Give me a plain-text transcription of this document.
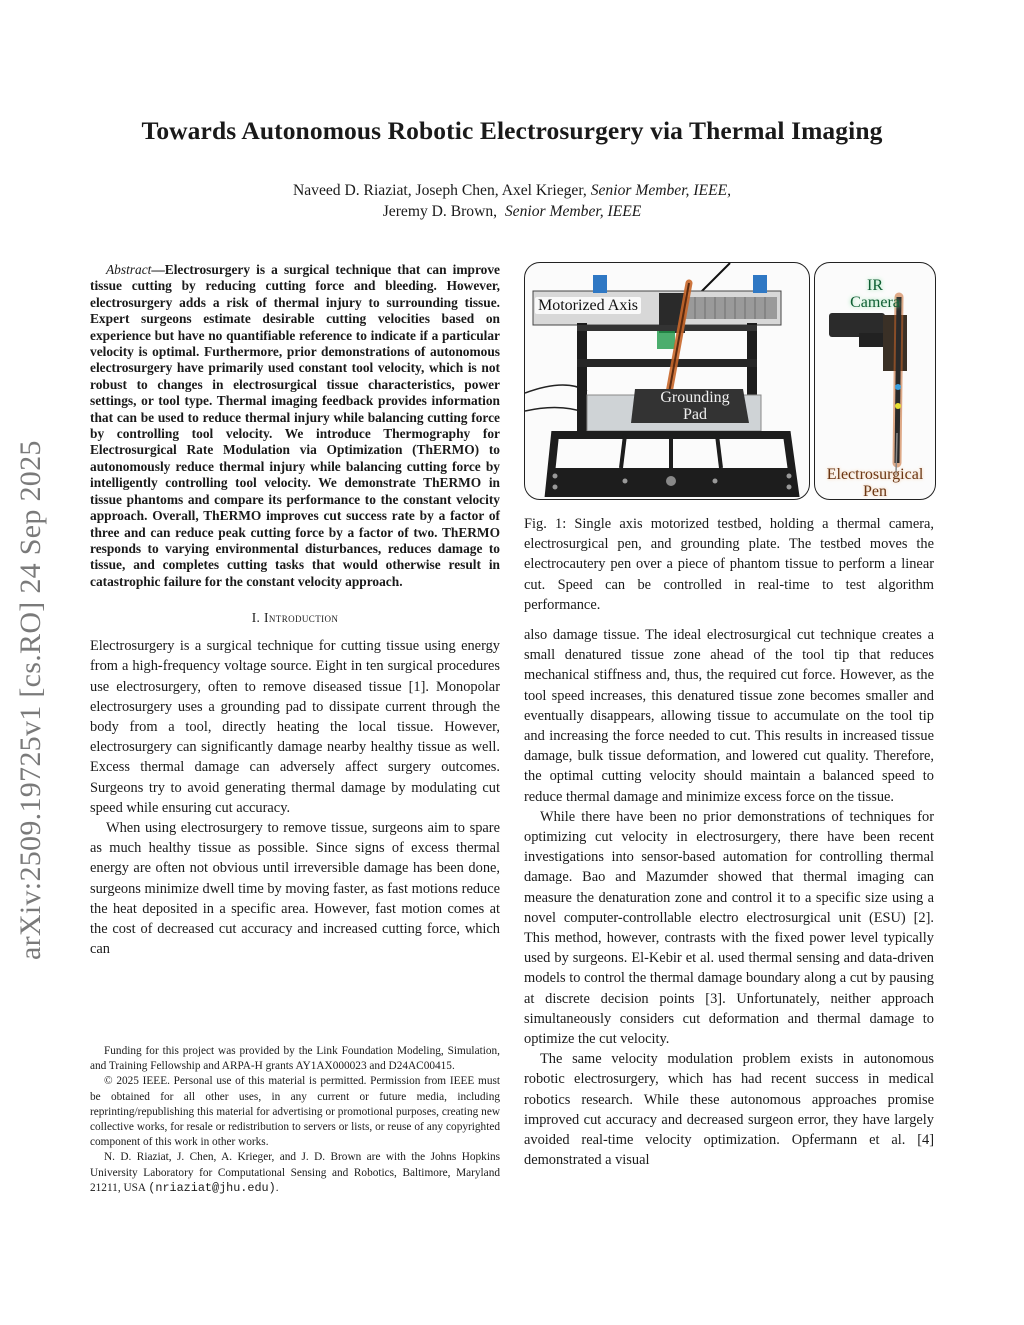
Towards Autonomous Robotic Electrosurgery via Thermal Imaging
Naveed D. Riaziat, Joseph Chen, Axel Krieger, Senior Member, IEEE,
Jeremy D. Brown,  Senior Member, IEEE
arXiv:2509.19725v1 [cs.RO] 24 Sep 2025

Abstract—Electrosurgery is a surgical technique that can improve tissue cutting by reducing cutting force and bleeding. However, electrosurgery adds a risk of thermal injury to surrounding tissue. Expert surgeons estimate desirable cutting velocities based on experience but have no quantifiable reference to indicate if a particular velocity is optimal. Furthermore, prior demonstrations of autonomous electrosurgery have primarily used constant tool velocity, which is not robust to changes in electrosurgical tissue characteristics, power settings, or tool type. Thermal imaging feedback provides information that can be used to reduce thermal injury while balancing cutting force by controlling tool velocity. We introduce Thermography for Electrosurgical Rate Modulation via Optimization (ThERMO) to autonomously reduce thermal injury while balancing cutting force by intelligently controlling tool velocity. We demonstrate ThERMO in tissue phantoms and compare its performance to the constant velocity approach. Overall, ThERMO improves cut success rate by a factor of three and can reduce peak cutting force by a factor of two. ThERMO responds to varying environmental disturbances, reduces damage to tissue, and completes cutting tasks that would otherwise result in catastrophic failure for the constant velocity approach.

I. Introduction

Electrosurgery is a surgical technique for cutting tissue using energy from a high-frequency voltage source. Eight in ten surgical procedures use electrosurgery, often to remove diseased tissue [1]. Monopolar electrosurgery uses a grounding pad to dissipate current through the body from a tool, directly heating the local tissue. However, electrosurgery can significantly damage nearby healthy tissue as well. Excess thermal damage can adversely affect surgery outcomes. Surgeons try to avoid generating thermal damage by modulating cut speed while ensuring cut accuracy.

When using electrosurgery to remove tissue, surgeons aim to spare as much healthy tissue as possible. Since signs of excess thermal energy are often not obvious until irreversible damage has been done, surgeons minimize dwell time by moving faster, as fast motions reduce the heat deposited in a specific area. However, fast motion comes at the cost of decreased cut accuracy and increased cutting force, which can

Funding for this project was provided by the Link Foundation Modeling, Simulation, and Training Fellowship and ARPA-H grants AY1AX000023 and D24AC00415.

© 2025 IEEE. Personal use of this material is permitted. Permission from IEEE must be obtained for all other uses, in any current or future media, including reprinting/republishing this material for advertising or promotional purposes, creating new collective works, for resale or redistribution to servers or lists, or reuse of any copyrighted component of this work in other works.

N. D. Riaziat, J. Chen, A. Krieger, and J. D. Brown are with the Johns Hopkins University Laboratory for Computational Sensing and Robotics, Baltimore, Maryland 21211, USA (nriaziat@jhu.edu).

Motorized Axis
Grounding
Pad
IR
Camera
Electrosurgical
Pen

Fig. 1: Single axis motorized testbed, holding a thermal camera, electrosurgical pen, and grounding plate. The testbed moves the electrocautery pen over a piece of phantom tissue to perform a linear cut. Speed can be controlled in real-time to test algorithm performance.

also damage tissue. The ideal electrosurgical cut technique creates a small denatured tissue zone ahead of the tool tip that reduces mechanical stiffness and, thus, the required cut force. However, as the tool speed increases, this denatured tissue zone becomes smaller and eventually disappears, allowing tissue to accumulate on the tool tip and increasing the force needed to cut. This results in increased tissue damage, bulk tissue deformation, and lowered cut quality. Therefore, the optimal cutting velocity should maintain a balanced speed to reduce thermal damage and minimize excess force on the tissue.

While there have been no prior demonstrations of techniques for optimizing cut velocity in electrosurgery, there have been recent investigations into sensor-based automation for controlling thermal damage. Bao and Mazumder showed that thermal imaging can measure the denaturation zone and control it to a specific size using a novel computer-controllable electro electrosurgical unit (ESU) [2]. This method, however, contrasts with the fixed power level typically used by surgeons. El-Kebir et al. used thermal sensing and data-driven models to control the thermal damage boundary along a cut by pausing at discrete decision points [3]. Unfortunately, neither approach simultaneously considers cut deformation and thermal damage to optimize the cut velocity.

The same velocity modulation problem exists in autonomous robotic electrosurgery, which has had recent success in medical robotics research. While these autonomous approaches promise improved cut accuracy and decreased surgeon error, they have largely avoided real-time velocity optimization. Opfermann et al. [4] demonstrated a visual
